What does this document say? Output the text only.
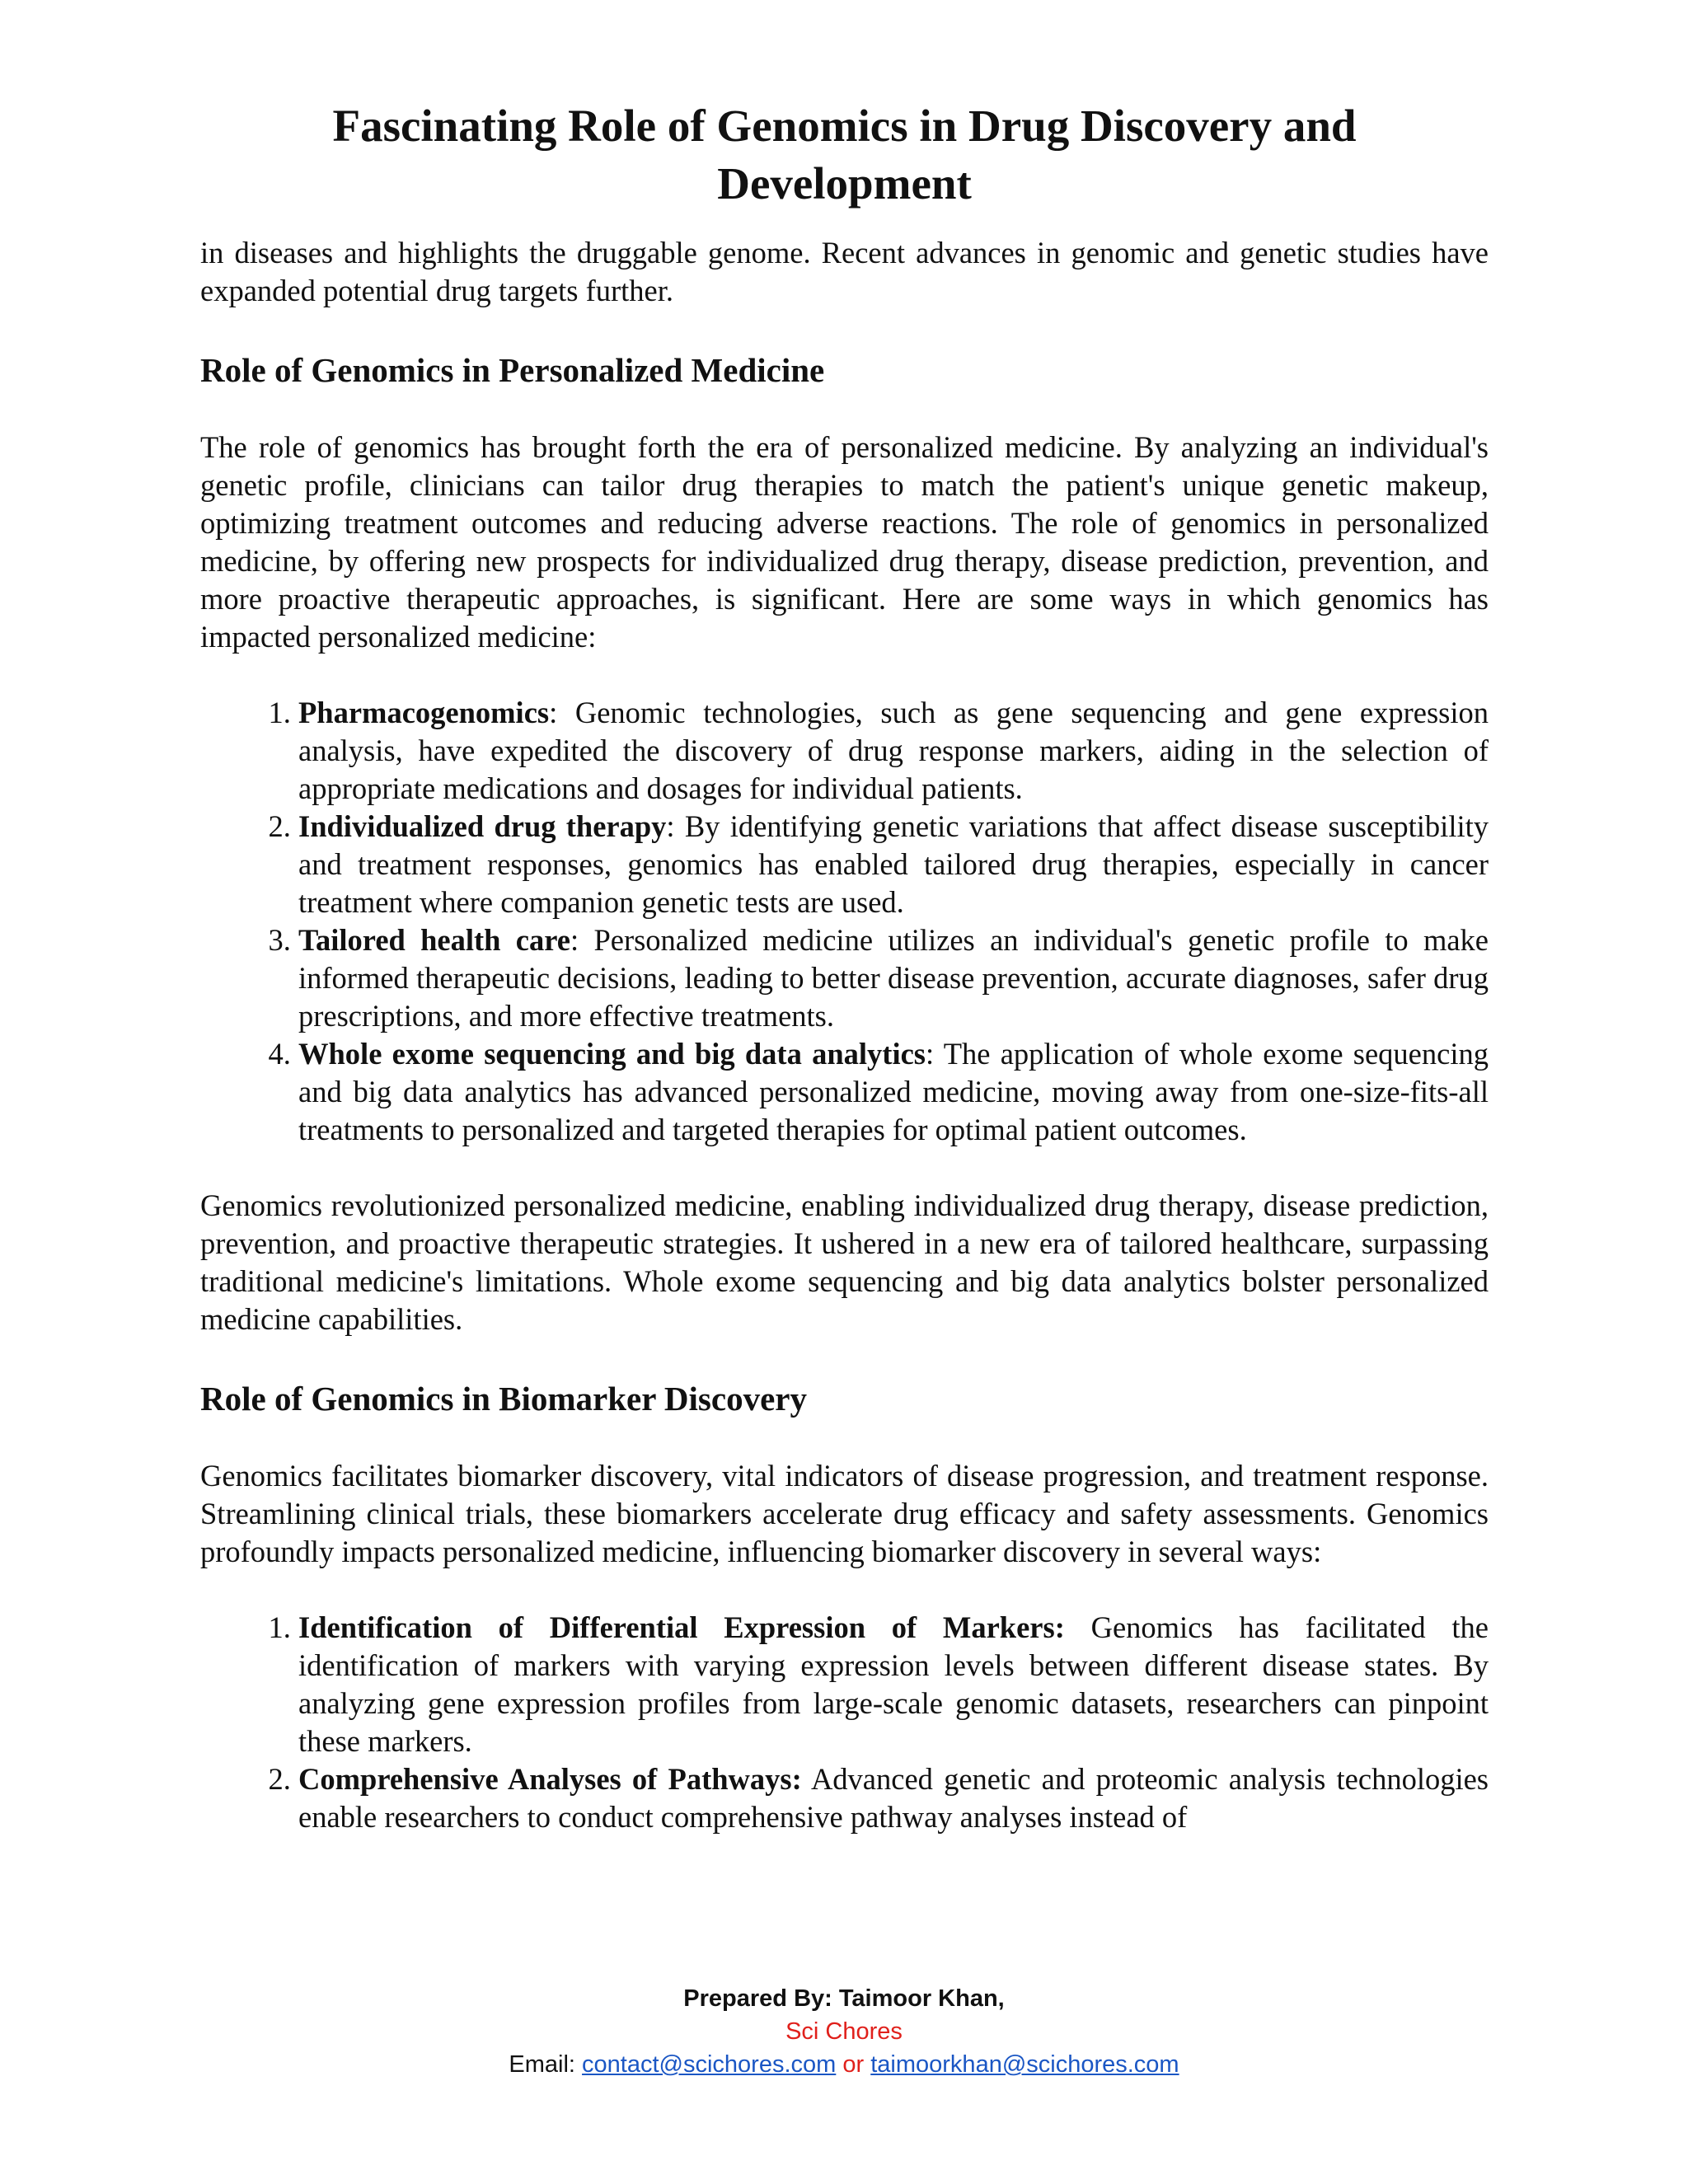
Fascinating Role of Genomics in Drug Discovery and Development

in diseases and highlights the druggable genome. Recent advances in genomic and genetic studies have expanded potential drug targets further.

Role of Genomics in Personalized Medicine

The role of genomics has brought forth the era of personalized medicine. By analyzing an individual's genetic profile, clinicians can tailor drug therapies to match the patient's unique genetic makeup, optimizing treatment outcomes and reducing adverse reactions. The role of genomics in personalized medicine, by offering new prospects for individualized drug therapy, disease prediction, prevention, and more proactive therapeutic approaches, is significant. Here are some ways in which genomics has impacted personalized medicine:

1. Pharmacogenomics: Genomic technologies, such as gene sequencing and gene expression analysis, have expedited the discovery of drug response markers, aiding in the selection of appropriate medications and dosages for individual patients.
2. Individualized drug therapy: By identifying genetic variations that affect disease susceptibility and treatment responses, genomics has enabled tailored drug therapies, especially in cancer treatment where companion genetic tests are used.
3. Tailored health care: Personalized medicine utilizes an individual's genetic profile to make informed therapeutic decisions, leading to better disease prevention, accurate diagnoses, safer drug prescriptions, and more effective treatments.
4. Whole exome sequencing and big data analytics: The application of whole exome sequencing and big data analytics has advanced personalized medicine, moving away from one-size-fits-all treatments to personalized and targeted therapies for optimal patient outcomes.

Genomics revolutionized personalized medicine, enabling individualized drug therapy, disease prediction, prevention, and proactive therapeutic strategies. It ushered in a new era of tailored healthcare, surpassing traditional medicine's limitations. Whole exome sequencing and big data analytics bolster personalized medicine capabilities.

Role of Genomics in Biomarker Discovery

Genomics facilitates biomarker discovery, vital indicators of disease progression, and treatment response. Streamlining clinical trials, these biomarkers accelerate drug efficacy and safety assessments. Genomics profoundly impacts personalized medicine, influencing biomarker discovery in several ways:

1. Identification of Differential Expression of Markers: Genomics has facilitated the identification of markers with varying expression levels between different disease states. By analyzing gene expression profiles from large-scale genomic datasets, researchers can pinpoint these markers.
2. Comprehensive Analyses of Pathways: Advanced genetic and proteomic analysis technologies enable researchers to conduct comprehensive pathway analyses instead of
Prepared By: Taimoor Khan,
Sci Chores
Email: contact@scichores.com or taimoorkhan@scichores.com
